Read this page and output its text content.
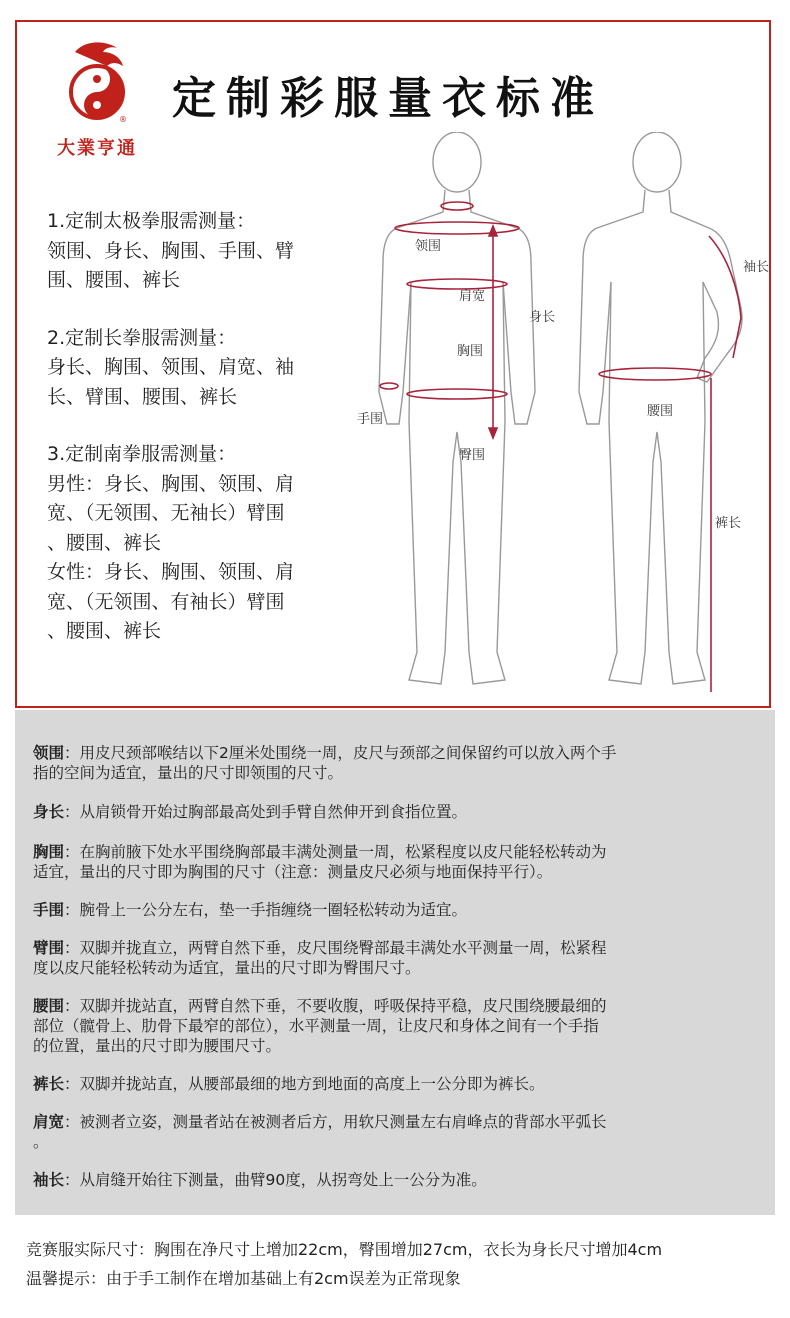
®
大業亨通
定制彩服量衣标准

1.定制太极拳服需测量：
领围、身长、胸围、手围、臂
围、腰围、裤长

2.定制长拳服需测量：
身长、胸围、领围、肩宽、袖
长、臂围、腰围、裤长

3.定制南拳服需测量：
男性：身长、胸围、领围、肩
宽、（无领围、无袖长）臂围
、腰围、裤长
女性：身长、胸围、领围、肩
宽、（无领围、有袖长）臂围
、腰围、裤长

领围
肩宽
身长
胸围
手围
臀围
袖长
腰围
裤长
领围：用皮尺颈部喉结以下2厘米处围绕一周，皮尺与颈部之间保留约可以放入两个手
指的空间为适宜，量出的尺寸即领围的尺寸。
身长：从肩锁骨开始过胸部最高处到手臂自然伸开到食指位置。
胸围：在胸前腋下处水平围绕胸部最丰满处测量一周，松紧程度以皮尺能轻松转动为
适宜，量出的尺寸即为胸围的尺寸（注意：测量皮尺必须与地面保持平行）。
手围：腕骨上一公分左右，垫一手指缠绕一圈轻松转动为适宜。
臂围：双脚并拢直立，两臂自然下垂，皮尺围绕臀部最丰满处水平测量一周，松紧程
度以皮尺能轻松转动为适宜，量出的尺寸即为臀围尺寸。
腰围：双脚并拢站直，两臂自然下垂，不要收腹，呼吸保持平稳，皮尺围绕腰最细的
部位（髋骨上、肋骨下最窄的部位），水平测量一周，让皮尺和身体之间有一个手指
的位置，量出的尺寸即为腰围尺寸。
裤长：双脚并拢站直，从腰部最细的地方到地面的高度上一公分即为裤长。
肩宽：被测者立姿，测量者站在被测者后方，用软尺测量左右肩峰点的背部水平弧长
。
袖长：从肩缝开始往下测量，曲臂90度，从拐弯处上一公分为准。
竞赛服实际尺寸：胸围在净尺寸上增加22cm，臀围增加27cm，衣长为身长尺寸增加4cm
温馨提示：由于手工制作在增加基础上有2cm误差为正常现象
